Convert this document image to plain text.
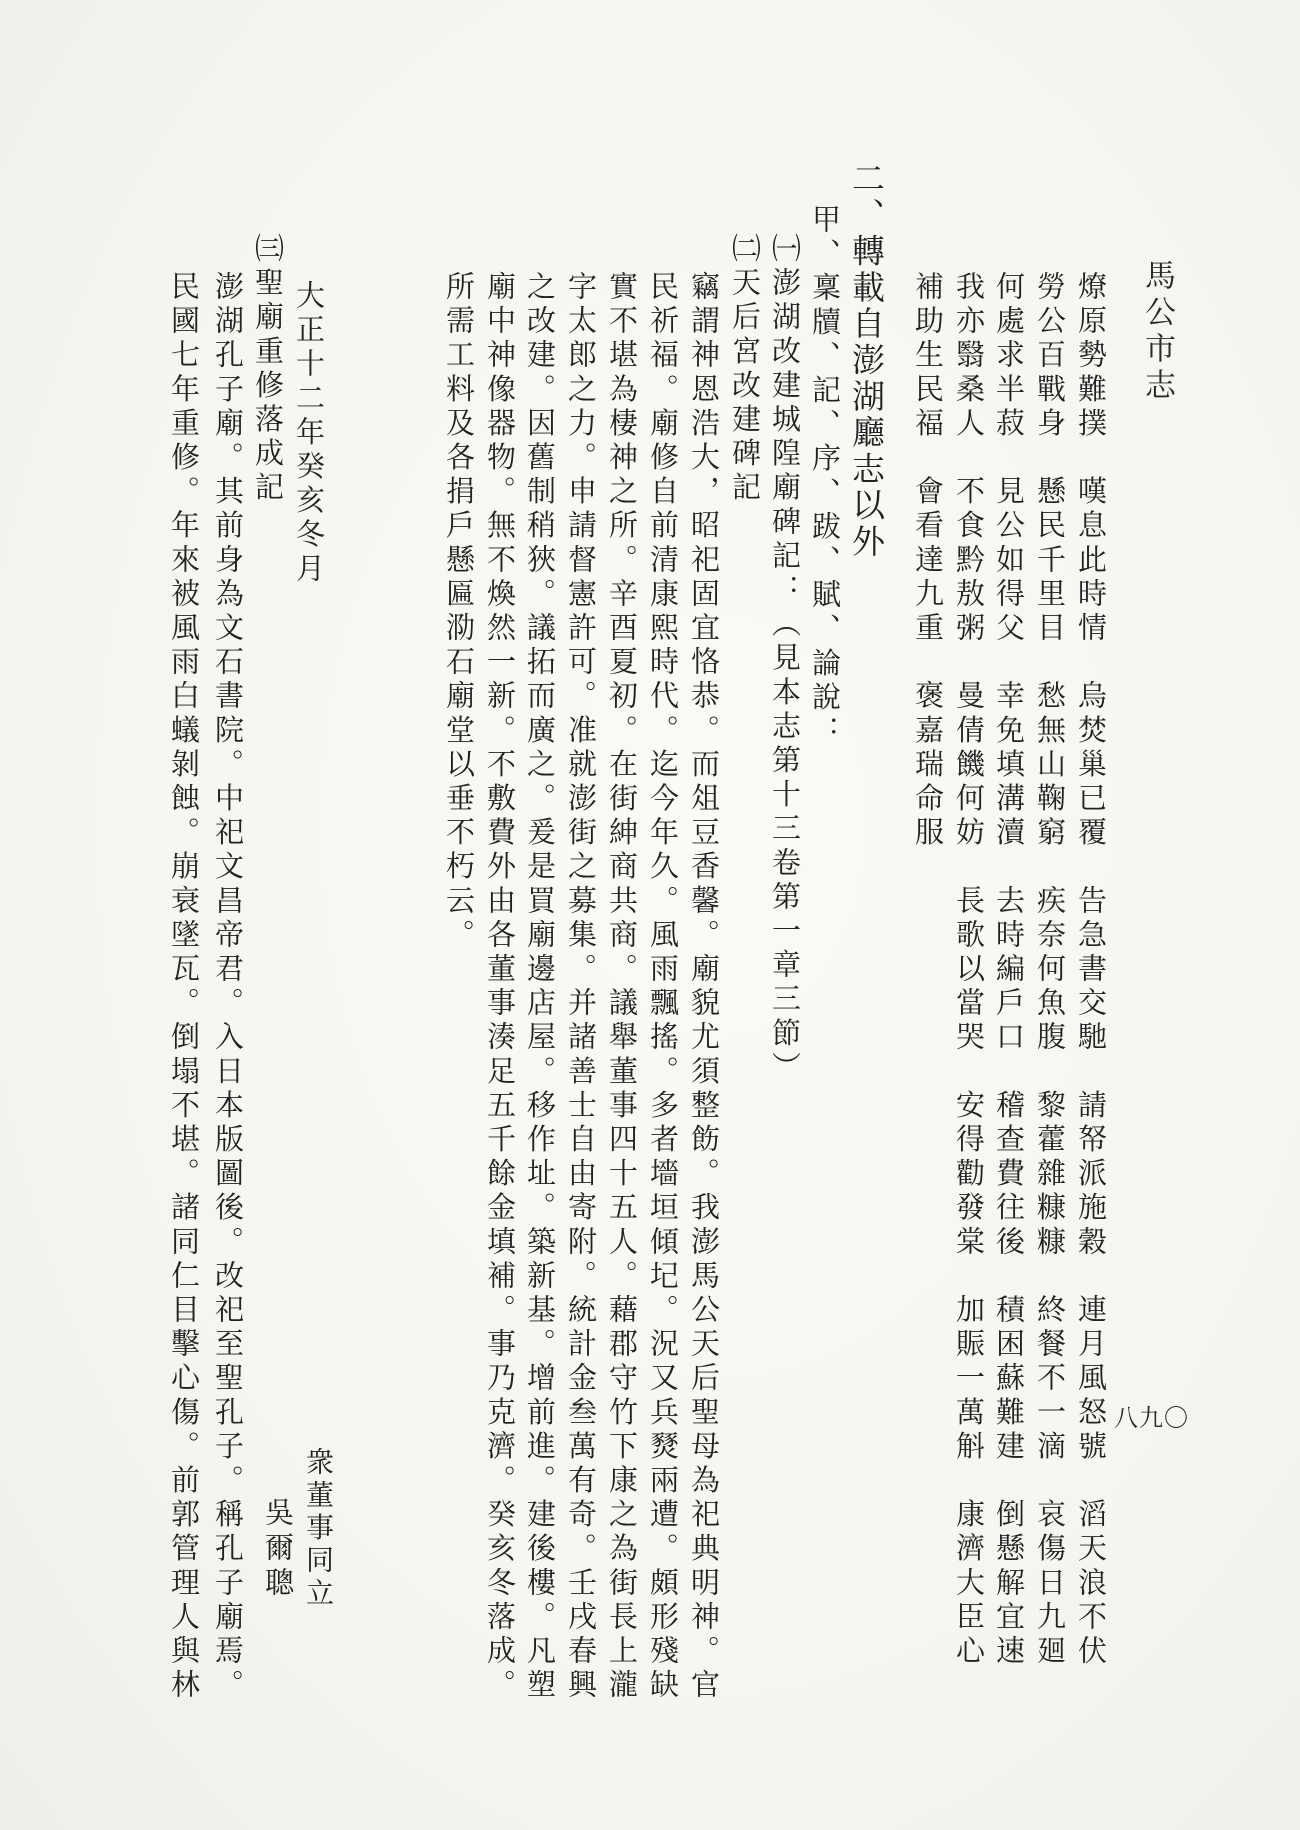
馬公市志
八九〇
燎原勢難撲　嘆息此時情　烏焚巢已覆　告急書交馳　請帑派施穀　連月風怒號　滔天浪不伏
勞公百戰身　懸民千里目　愁無山鞠窮　疾奈何魚腹　黎藿雜糠糠　終餐不一滴　哀傷日九廻
何處求半菽　見公如得父　幸免填溝瀆　去時編戶口　稽查費往後　積困蘇難建　倒懸解宜速
我亦翳桑人　不食黔敖粥　曼倩饑何妨　長歌以當哭　安得勸發棠　加賑一萬斛　康濟大臣心
補助生民福　會看達九重　褒嘉瑞命服
二、轉載自澎湖廳志以外
甲、稟牘、記、序、跋、賦、論說：
㈠澎湖改建城隍廟碑記：（見本志第十三卷第一章三節）
㈡天后宮改建碑記
竊謂神恩浩大，昭祀固宜恪恭。而俎豆香馨。廟貌尤須整飭。我澎馬公天后聖母為祀典明神。官
民祈福。廟修自前清康熙時代。迄今年久。風雨飄搖。多者墻垣傾圮。況又兵燹兩遭。頗形殘缺
實不堪為棲神之所。辛酉夏初。在街紳商共商。議舉董事四十五人。藉郡守竹下康之為街長上瀧
字太郎之力。申請督憲許可。准就澎街之募集。并諸善士自由寄附。統計金叁萬有奇。壬戌春興
之改建。因舊制稍狹。議拓而廣之。爰是買廟邊店屋。移作址。築新基。增前進。建後樓。凡塑
廟中神像器物。無不煥然一新。不敷費外由各董事湊足五千餘金填補。事乃克濟。癸亥冬落成。
所需工料及各捐戶懸匾泐石廟堂以垂不朽云。
大正十二年癸亥冬月
衆董事同立
㈢聖廟重修落成記
吳爾聰
澎湖孔子廟。其前身為文石書院。中祀文昌帝君。入日本版圖後。改祀至聖孔子。稱孔子廟焉。
民國七年重修。年來被風雨白蟻剝蝕。崩衰墜瓦。倒塌不堪。諸同仁目擊心傷。前郭管理人與林
